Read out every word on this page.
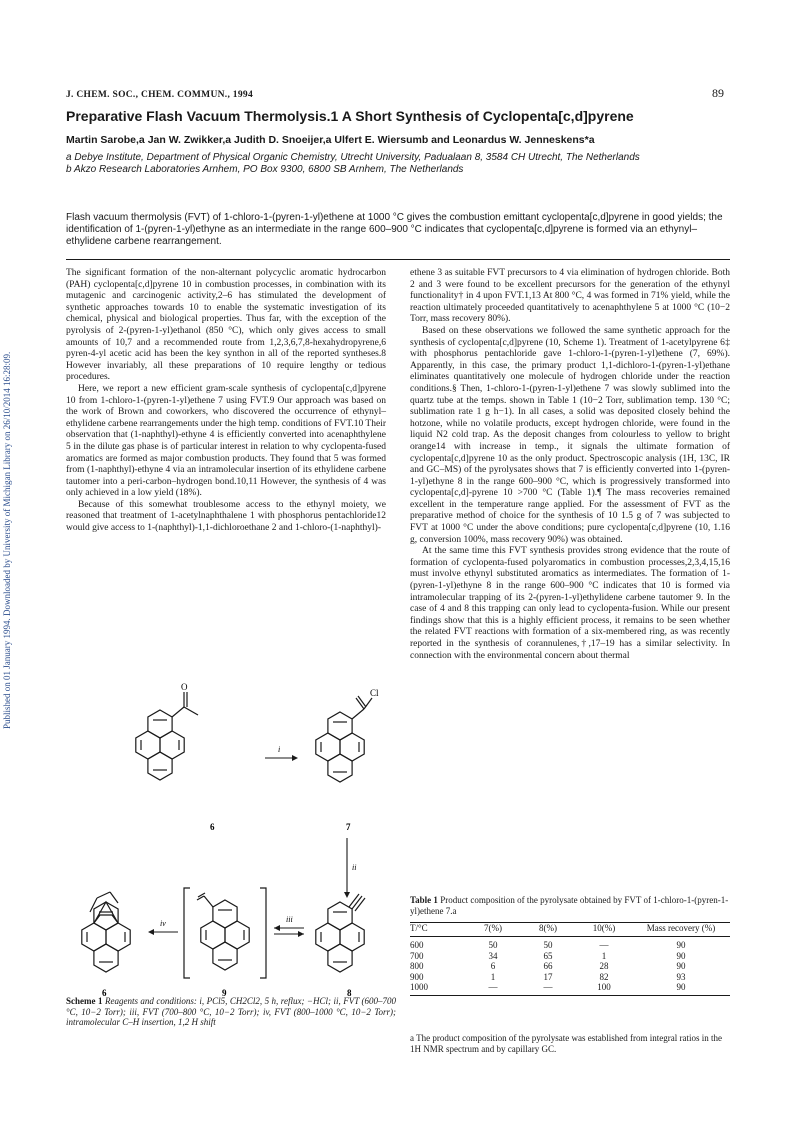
Published on 01 January 1994. Downloaded by University of Michigan Library on 26/10/2014 16:28:09.
J. CHEM. SOC., CHEM. COMMUN., 1994	89
Preparative Flash Vacuum Thermolysis.1 A Short Synthesis of Cyclopenta[c,d]pyrene
Martin Sarobe,a Jan W. Zwikker,a Judith D. Snoeijer,a Ulfert E. Wiersumb and Leonardus W. Jenneskens*a

a Debye Institute, Department of Physical Organic Chemistry, Utrecht University, Padualaan 8, 3584 CH Utrecht, The Netherlands

b Akzo Research Laboratories Arnhem, PO Box 9300, 6800 SB Arnhem, The Netherlands

Flash vacuum thermolysis (FVT) of 1-chloro-1-(pyren-1-yl)ethene at 1000 °C gives the combustion emittant cyclopenta[c,d]pyrene in good yields; the identification of 1-(pyren-1-yl)ethyne as an intermediate in the range 600–900 °C indicates that cyclopenta[c,d]pyrene is formed via an ethynyl–ethylidene carbene rearrangement.

The significant formation of the non-alternant polycyclic aromatic hydrocarbon (PAH) cyclopenta[c,d]pyrene 10 in combustion processes, in combination with its mutagenic and carcinogenic activity,2–6 has stimulated the development of synthetic approaches towards 10 to enable the systematic investigation of its chemical, physical and biological properties. Thus far, with the exception of the pyrolysis of 2-(pyren-1-yl)ethanol (850 °C), which only gives access to small amounts of 10,7 and a recommended route from 1,2,3,6,7,8-hexahydropyrene,6 pyren-4-yl acetic acid has been the key synthon in all of the reported syntheses.8 However invariably, all these preparations of 10 require lengthy or tedious procedures.

Here, we report a new efficient gram-scale synthesis of cyclopenta[c,d]pyrene 10 from 1-chloro-1-(pyren-1-yl)ethene 7 using FVT.9 Our approach was based on the work of Brown and coworkers, who discovered the occurrence of ethynyl–ethylidene carbene rearrangements under the high temp. conditions of FVT.10 Their observation that (1-naphthyl)-ethyne 4 is efficiently converted into acenaphthylene 5 in the dilute gas phase is of particular interest in relation to why cyclopenta-fused aromatics are formed as major combustion products. They found that 5 was formed from (1-naphthyl)-ethyne 4 via an intramolecular insertion of its ethylidene carbene tautomer into a peri-carbon–hydrogen bond.10,11 However, the synthesis of 4 was only achieved in a low yield (18%).

Because of this somewhat troublesome access to the ethynyl moiety, we reasoned that treatment of 1-acetylnaphthalene 1 with phosphorus pentachloride12 would give access to 1-(naphthyl)-1,1-dichloroethane 2 and 1-chloro-(1-naphthyl)-

ethene 3 as suitable FVT precursors to 4 via elimination of hydrogen chloride. Both 2 and 3 were found to be excellent precursors for the generation of the ethynyl functionality† in 4 upon FVT.1,13 At 800 °C, 4 was formed in 71% yield, while the reaction ultimately proceeded quantitatively to acenaphthylene 5 at 1000 °C (10−2 Torr, mass recovery 80%).

Based on these observations we followed the same synthetic approach for the synthesis of cyclopenta[c,d]pyrene (10, Scheme 1). Treatment of 1-acetylpyrene 6‡ with phosphorus pentachloride gave 1-chloro-1-(pyren-1-yl)ethene (7, 69%). Apparently, in this case, the primary product 1,1-dichloro-1-(pyren-1-yl)ethane eliminates quantitatively one molecule of hydrogen chloride under the reaction conditions.§ Then, 1-chloro-1-(pyren-1-yl)ethene 7 was slowly sublimed into the quartz tube at the temps. shown in Table 1 (10−2 Torr, sublimation temp. 130 °C; sublimation rate 1 g h−1). In all cases, a solid was deposited closely behind the hotzone, while no volatile products, except hydrogen chloride, were found in the liquid N2 cold trap. As the deposit changes from colourless to yellow to bright orange14 with increase in temp., it signals the ultimate formation of cyclopenta[c,d]pyrene 10 as the only product. Spectroscopic analysis (1H, 13C, IR and GC–MS) of the pyrolysates shows that 7 is efficiently converted into 1-(pyren-1-yl)ethyne 8 in the range 600–900 °C, which is progressively transformed into cyclopenta[c,d]-pyrene 10 >700 °C (Table 1).¶ The mass recoveries remained excellent in the temperature range applied. For the assessment of FVT as the preparative method of choice for the synthesis of 10 1.5 g of 7 was subjected to FVT at 1000 °C under the above conditions; pure cyclopenta[c,d]pyrene (10, 1.16 g, conversion 100%, mass recovery 90%) was obtained.

At the same time this FVT synthesis provides strong evidence that the route of formation of cyclopenta-fused polyaromatics in combustion processes,2,3,4,15,16 must involve ethynyl substituted aromatics as intermediates. The formation of 1-(pyren-1-yl)ethyne 8 in the range 600–900 °C indicates that 10 is formed via intramolecular trapping of its 2-(pyren-1-yl)ethylidene carbene tautomer 9. In the case of 4 and 8 this trapping can only lead to cyclopenta-fusion. While our present findings show that this is a highly efficient process, it remains to be seen whether the related FVT reactions with formation of a six-membered ring, as was recently reported in the synthesis of corannulenes,†,17–19 has a similar selectivity. In connection with the environmental concern about thermal

O
6
i
Cl
7
ii
8
iii
9
iv
6
Scheme 1 Reagents and conditions: i, PCl5, CH2Cl2, 5 h, reflux; −HCl; ii, FVT (600–700 °C, 10−2 Torr); iii, FVT (700–800 °C, 10−2 Torr); iv, FVT (800–1000 °C, 10−2 Torr); intramolecular C–H insertion, 1,2 H shift
Table 1 Product composition of the pyrolysate obtained by FVT of 1-chloro-1-(pyren-1-yl)ethene 7.a
T/°C	7(%)	8(%)	10(%)	Mass recovery (%)
600	50	50	—	90
700	34	65	1	90
800	6	66	28	90
900	1	17	82	93
1000	—	—	100	90
a The product composition of the pyrolysate was established from integral ratios in the 1H NMR spectrum and by capillary GC.
